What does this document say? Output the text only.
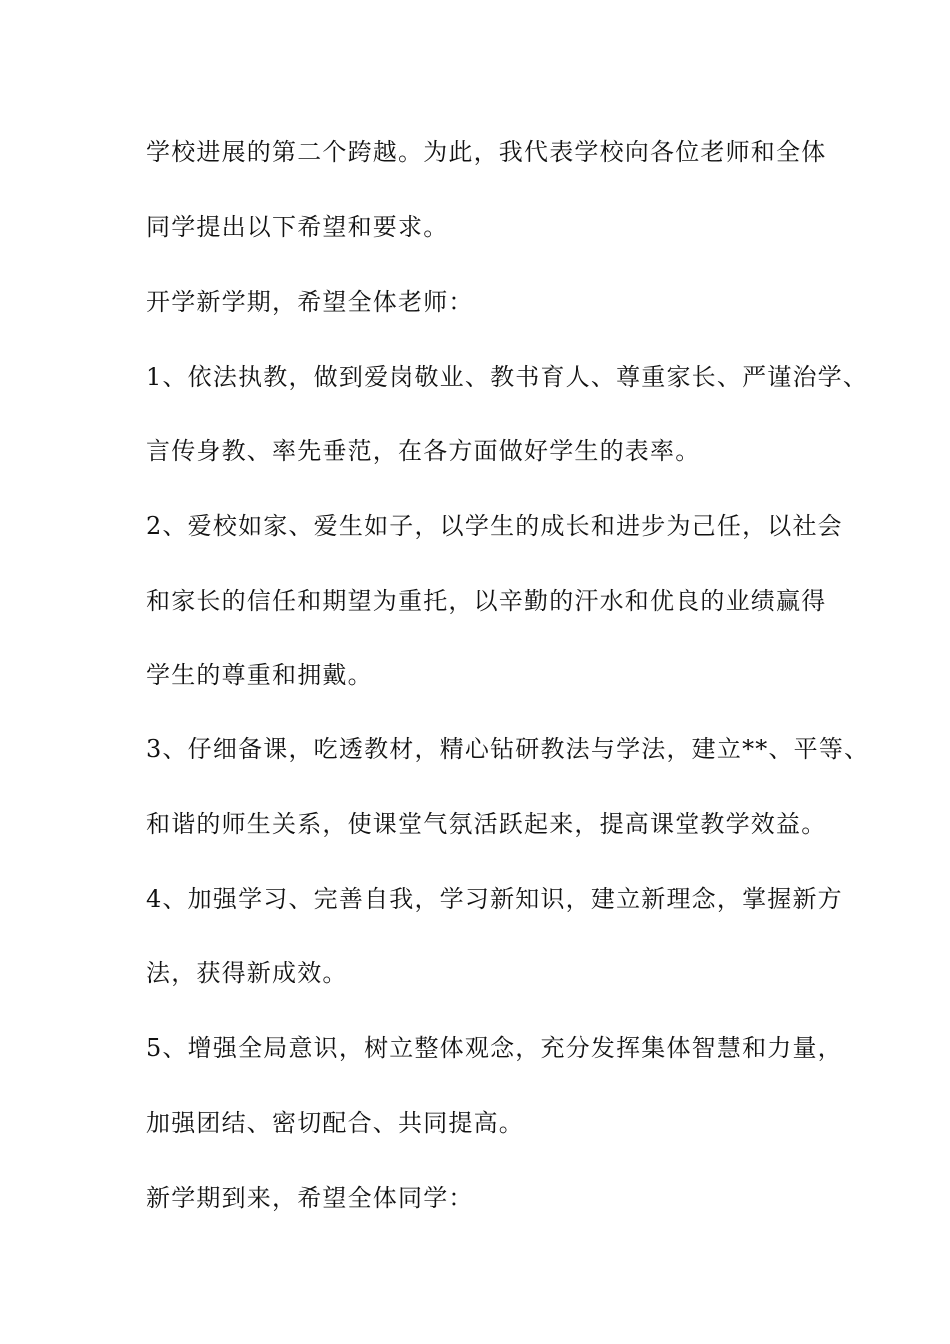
学校进展的第二个跨越。为此，我代表学校向各位老师和全体
同学提出以下希望和要求。
开学新学期，希望全体老师：
1、依法执教，做到爱岗敬业、教书育人、尊重家长、严谨治学、
言传身教、率先垂范，在各方面做好学生的表率。
2、爱校如家、爱生如子，以学生的成长和进步为己任，以社会
和家长的信任和期望为重托，以辛勤的汗水和优良的业绩赢得
学生的尊重和拥戴。
3、仔细备课，吃透教材，精心钻研教法与学法，建立**、平等、
和谐的师生关系，使课堂气氛活跃起来，提高课堂教学效益。
4、加强学习、完善自我，学习新知识，建立新理念，掌握新方
法，获得新成效。
5、增强全局意识，树立整体观念，充分发挥集体智慧和力量，
加强团结、密切配合、共同提高。
新学期到来，希望全体同学：
